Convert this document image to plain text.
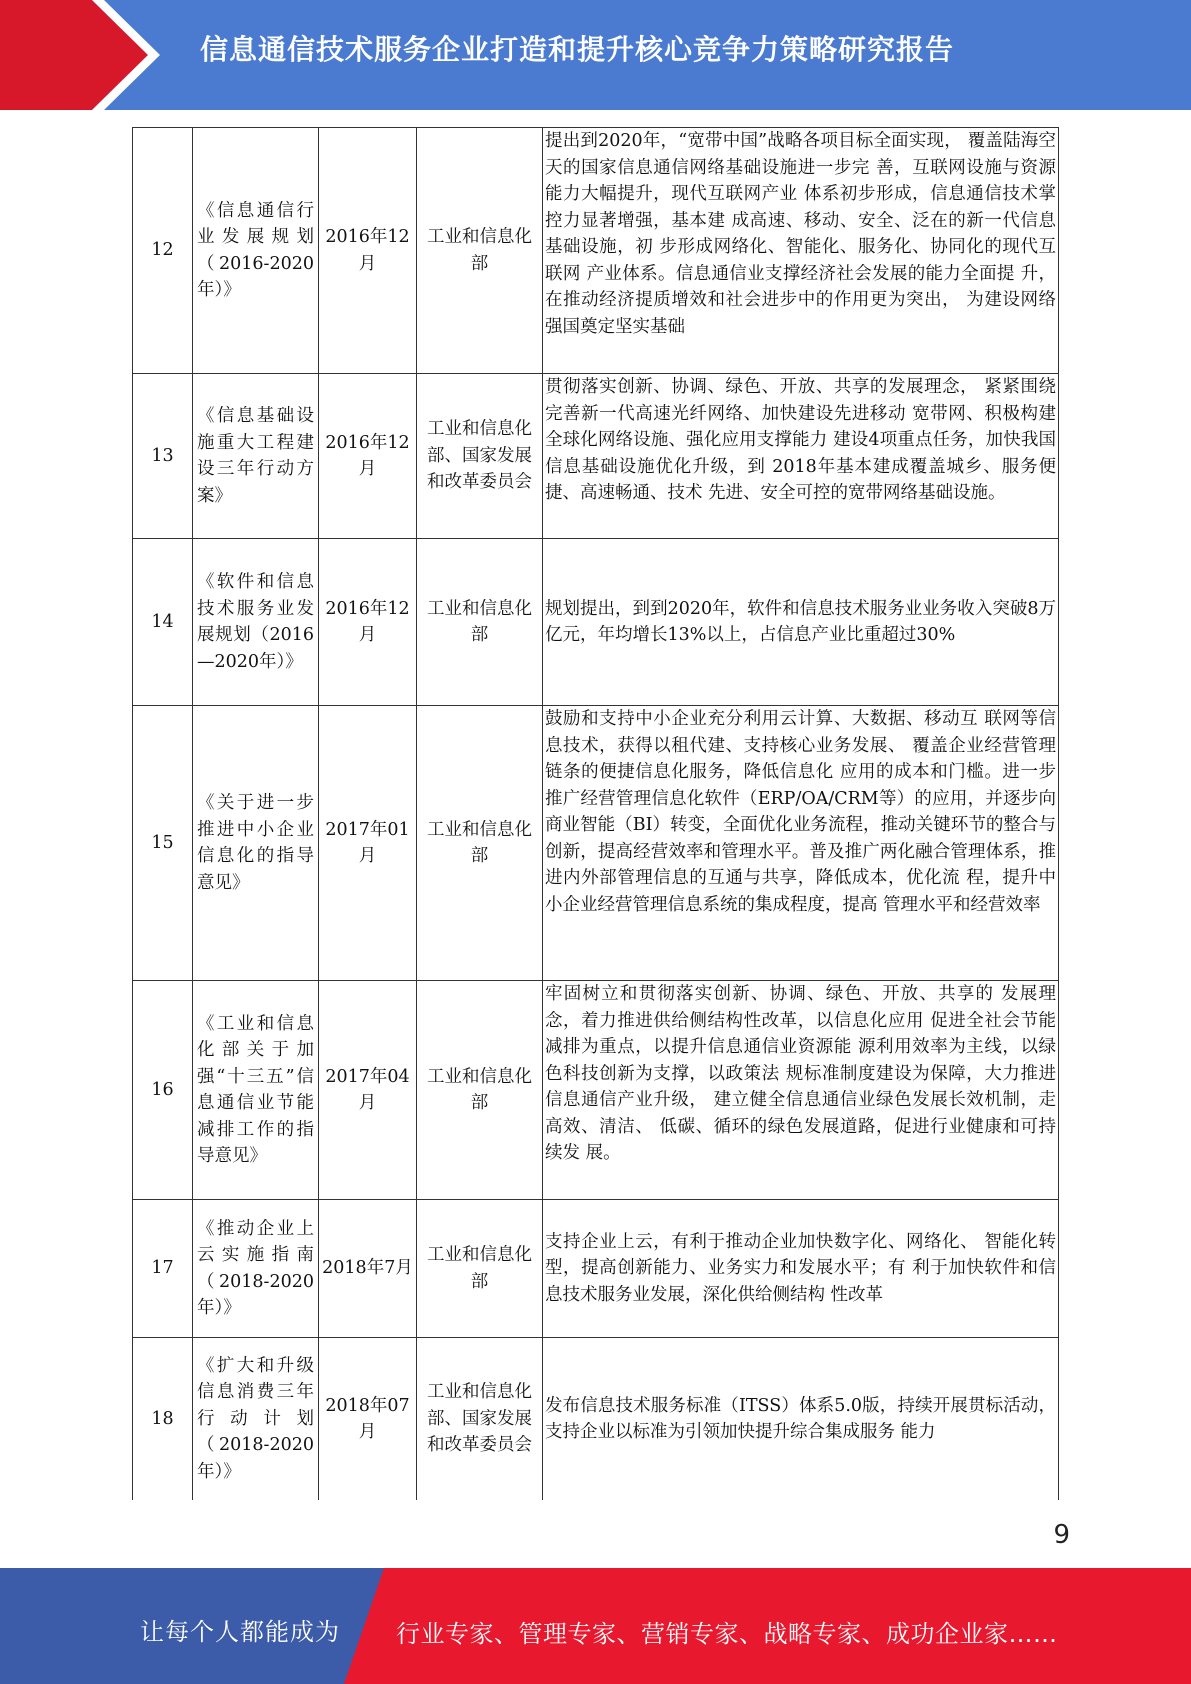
信息通信技术服务企业打造和提升核心竞争力策略研究报告
12	《信息通信行业发展规划（2016-2020年）》	2016年12月	工业和信息化部	提出到2020年，“宽带中国”战略各项目标全面实现， 覆盖陆海空天的国家信息通信网络基础设施进一步完 善，互联网设施与资源能力大幅提升，现代互联网产业 体系初步形成，信息通信技术掌控力显著增强，基本建 成高速、移动、安全、泛在的新一代信息基础设施，初 步形成网络化、智能化、服务化、协同化的现代互联网 产业体系。信息通信业支撑经济社会发展的能力全面提 升，在推动经济提质增效和社会进步中的作用更为突出， 为建设网络强国奠定坚实基础
13	《信息基础设施重大工程建设三年行动方案》	2016年12月	工业和信息化部、国家发展和改革委员会	贯彻落实创新、协调、绿色、开放、共享的发展理念， 紧紧围绕完善新一代高速光纤网络、加快建设先进移动 宽带网、积极构建全球化网络设施、强化应用支撑能力 建设4项重点任务，加快我国信息基础设施优化升级，到 2018年基本建成覆盖城乡、服务便捷、高速畅通、技术 先进、安全可控的宽带网络基础设施。
14	《软件和信息技术服务业发展规划（2016—2020年）》	2016年12月	工业和信息化部	规划提出，到到2020年，软件和信息技术服务业业务收入突破8万亿元，年均增长13%以上，占信息产业比重超过30%
15	《关于进一步推进中小企业信息化的指导意见》	2017年01月	工业和信息化部	鼓励和支持中小企业充分利用云计算、大数据、移动互 联网等信息技术，获得以租代建、支持核心业务发展、 覆盖企业经营管理链条的便捷信息化服务，降低信息化 应用的成本和门槛。进一步推广经营管理信息化软件（ERP/OA/CRM等）的应用，并逐步向商业智能（BI）转变，全面优化业务流程，推动关键环节的整合与创新，提高经营效率和管理水平。普及推广两化融合管理体系，推进内外部管理信息的互通与共享，降低成本，优化流 程，提升中小企业经营管理信息系统的集成程度，提高 管理水平和经营效率
16	《工业和信息化部关于加强“十三五”信息通信业节能减排工作的指导意见》	2017年04月	工业和信息化部	牢固树立和贯彻落实创新、协调、绿色、开放、共享的 发展理念，着力推进供给侧结构性改革，以信息化应用 促进全社会节能减排为重点，以提升信息通信业资源能 源利用效率为主线，以绿色科技创新为支撑，以政策法 规标准制度建设为保障，大力推进信息通信产业升级， 建立健全信息通信业绿色发展长效机制，走高效、清洁、 低碳、循环的绿色发展道路，促进行业健康和可持续发 展。
17	《推动企业上云实施指南（2018-2020年）》	2018年7月	工业和信息化部	支持企业上云，有利于推动企业加快数字化、网络化、 智能化转型，提高创新能力、业务实力和发展水平；有 利于加快软件和信息技术服务业发展，深化供给侧结构 性改革
18	《扩大和升级信息消费三年行动计划（2018-2020年）》	2018年07月	工业和信息化部、国家发展和改革委员会	发布信息技术服务标准（ITSS）体系5.0版，持续开展贯标活动，支持企业以标准为引领加快提升综合集成服务 能力
9
让每个人都能成为 行业专家、管理专家、营销专家、战略专家、成功企业家……
